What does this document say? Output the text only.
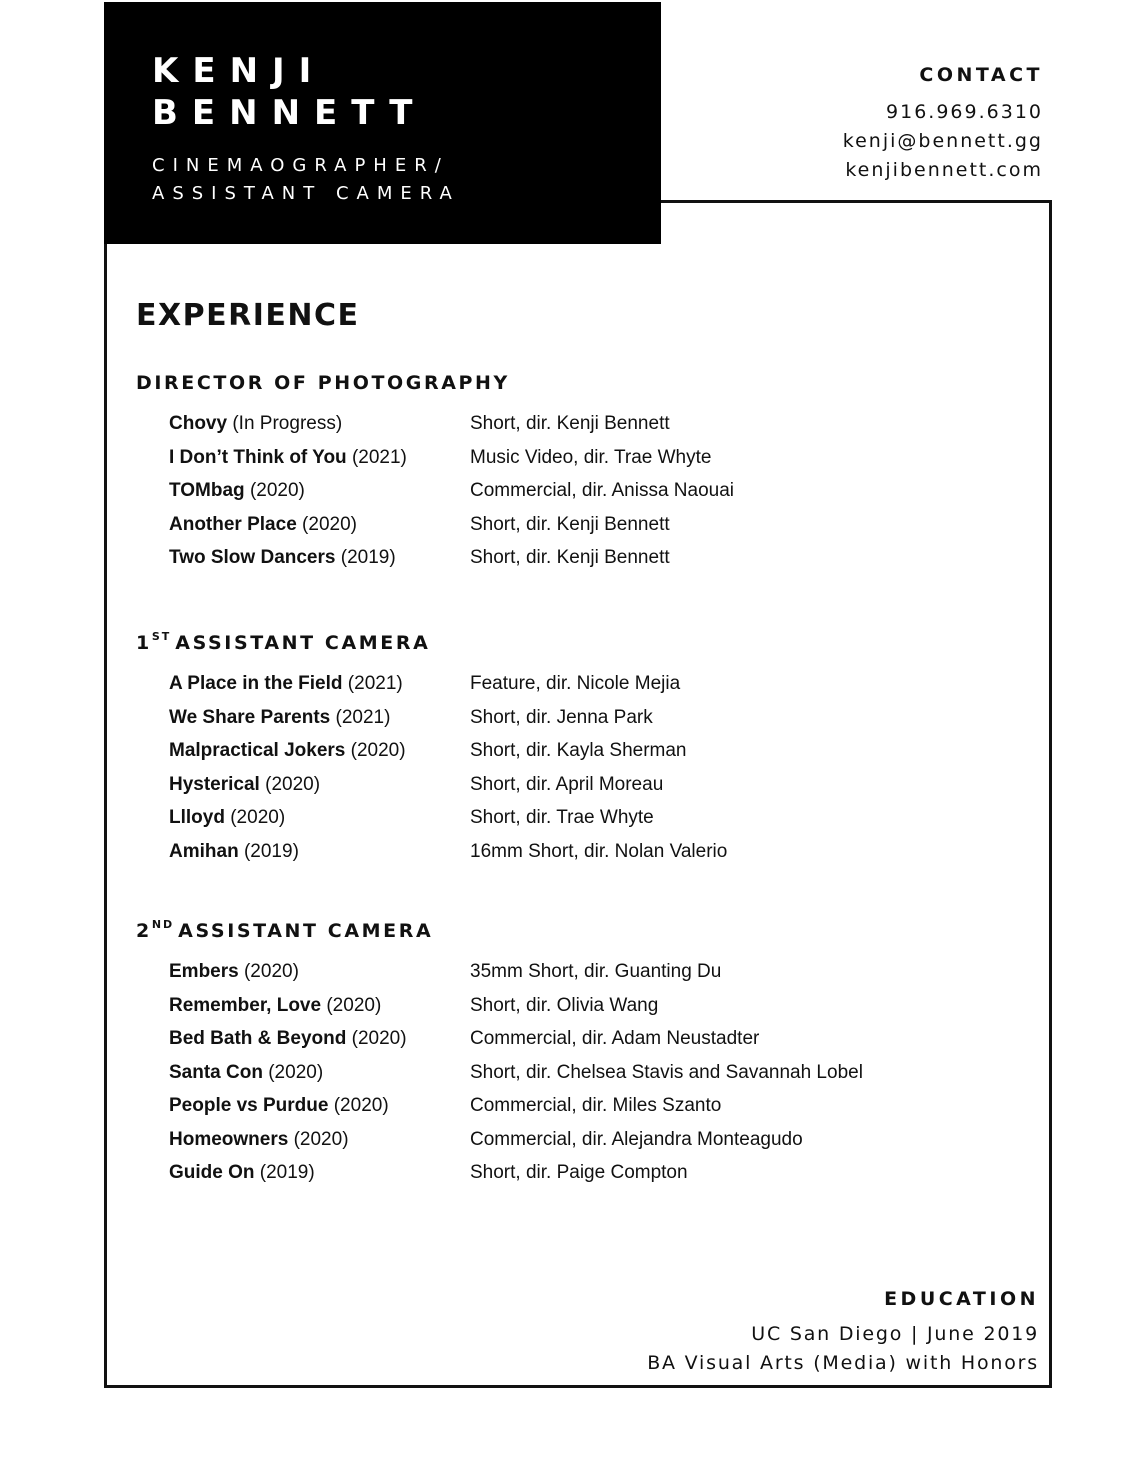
KENJI

BENNETT

CINEMAOGRAPHER/

ASSISTANT CAMERA

CONTACT
916.969.6310
kenji@bennett.gg
kenjibennett.com
EXPERIENCE
DIRECTOR OF PHOTOGRAPHY
Chovy (In Progress)	Short, dir. Kenji Bennett
I Don’t Think of You (2021)	Music Video, dir. Trae Whyte
TOMbag (2020)	Commercial, dir. Anissa Naouai
Another Place (2020)	Short, dir. Kenji Bennett
Two Slow Dancers (2019)	Short, dir. Kenji Bennett
1ST ASSISTANT CAMERA
A Place in the Field (2021)	Feature, dir. Nicole Mejia
We Share Parents (2021)	Short, dir. Jenna Park
Malpractical Jokers (2020)	Short, dir. Kayla Sherman
Hysterical (2020)	Short, dir. April Moreau
Llloyd (2020)	Short, dir. Trae Whyte
Amihan (2019)	16mm Short, dir. Nolan Valerio
2ND ASSISTANT CAMERA
Embers (2020)	35mm Short, dir. Guanting Du
Remember, Love (2020)	Short, dir. Olivia Wang
Bed Bath & Beyond (2020)	Commercial, dir. Adam Neustadter
Santa Con (2020)	Short, dir. Chelsea Stavis and Savannah Lobel
People vs Purdue (2020)	Commercial, dir. Miles Szanto
Homeowners (2020)	Commercial, dir. Alejandra Monteagudo
Guide On (2019)	Short, dir. Paige Compton
EDUCATION
UC San Diego | June 2019
BA Visual Arts (Media) with Honors
